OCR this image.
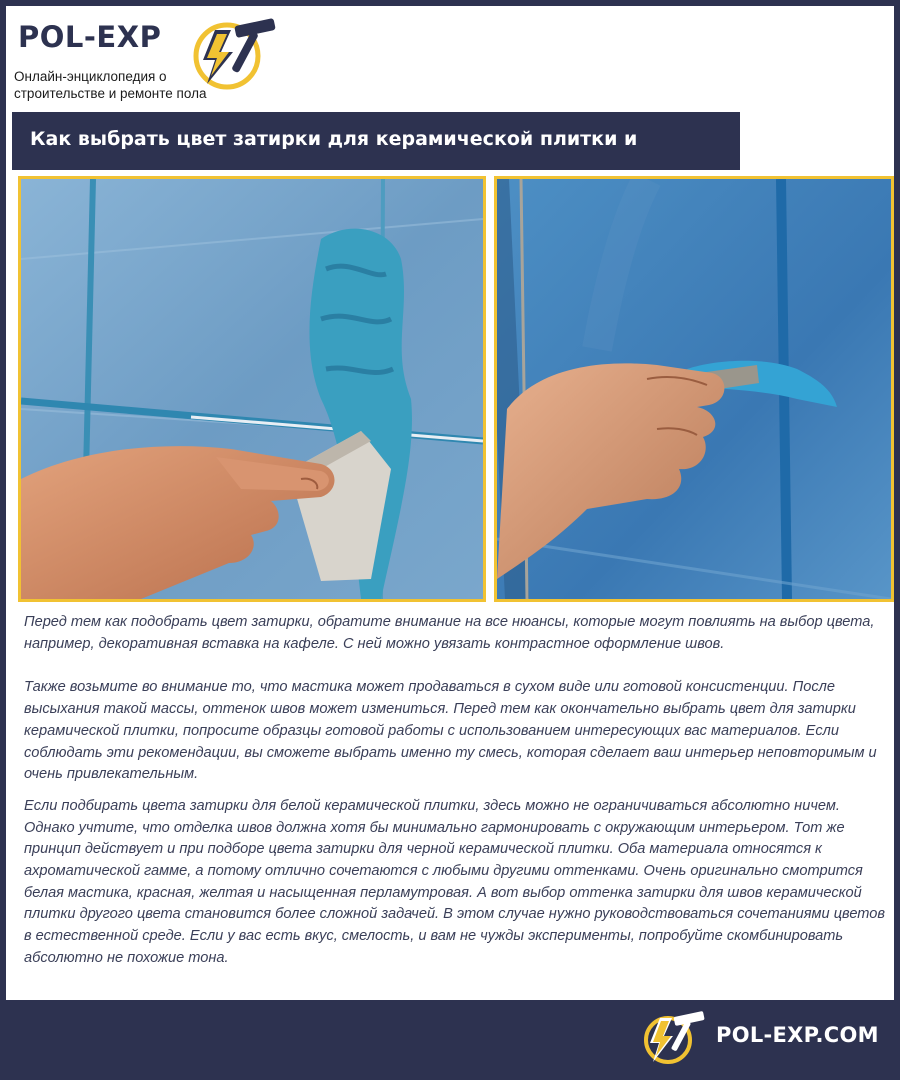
POL-EXP
Онлайн-энциклопедия о строительстве и ремонте пола
Как выбрать цвет затирки для керамической плитки и

Перед тем как подобрать цвет затирки, обратите внимание на все нюансы, которые могут повлиять на выбор цвета, например, декоративная вставка на кафеле. С ней можно увязать контрастное оформление швов.

Также возьмите во внимание то, что мастика может продаваться в сухом виде или готовой консистенции. После высыхания такой массы, оттенок швов может измениться. Перед тем как окончательно выбрать цвет для затирки керамической плитки, попросите образцы готовой работы с использованием интересующих вас материалов. Если соблюдать эти рекомендации, вы сможете выбрать именно ту смесь, которая сделает ваш интерьер неповторимым и очень привлекательным.

Если подбирать цвета затирки для белой керамической плитки, здесь можно не ограничиваться абсолютно ничем. Однако учтите, что отделка швов должна хотя бы минимально гармонировать с окружающим интерьером. Тот же принцип действует и при подборе цвета затирки для черной керамической плитки. Оба материала относятся к ахроматической гамме, а потому отлично сочетаются с любыми другими оттенками. Очень оригинально смотрится белая мастика, красная, желтая и насыщенная перламутровая. А вот выбор оттенка затирки для швов керамической плитки другого цвета становится более сложной задачей. В этом случае нужно руководствоваться сочетаниями цветов в естественной среде. Если у вас есть вкус, смелость, и вам не чужды эксперименты, попробуйте скомбинировать абсолютно не похожие тона.

POL-EXP.COM
